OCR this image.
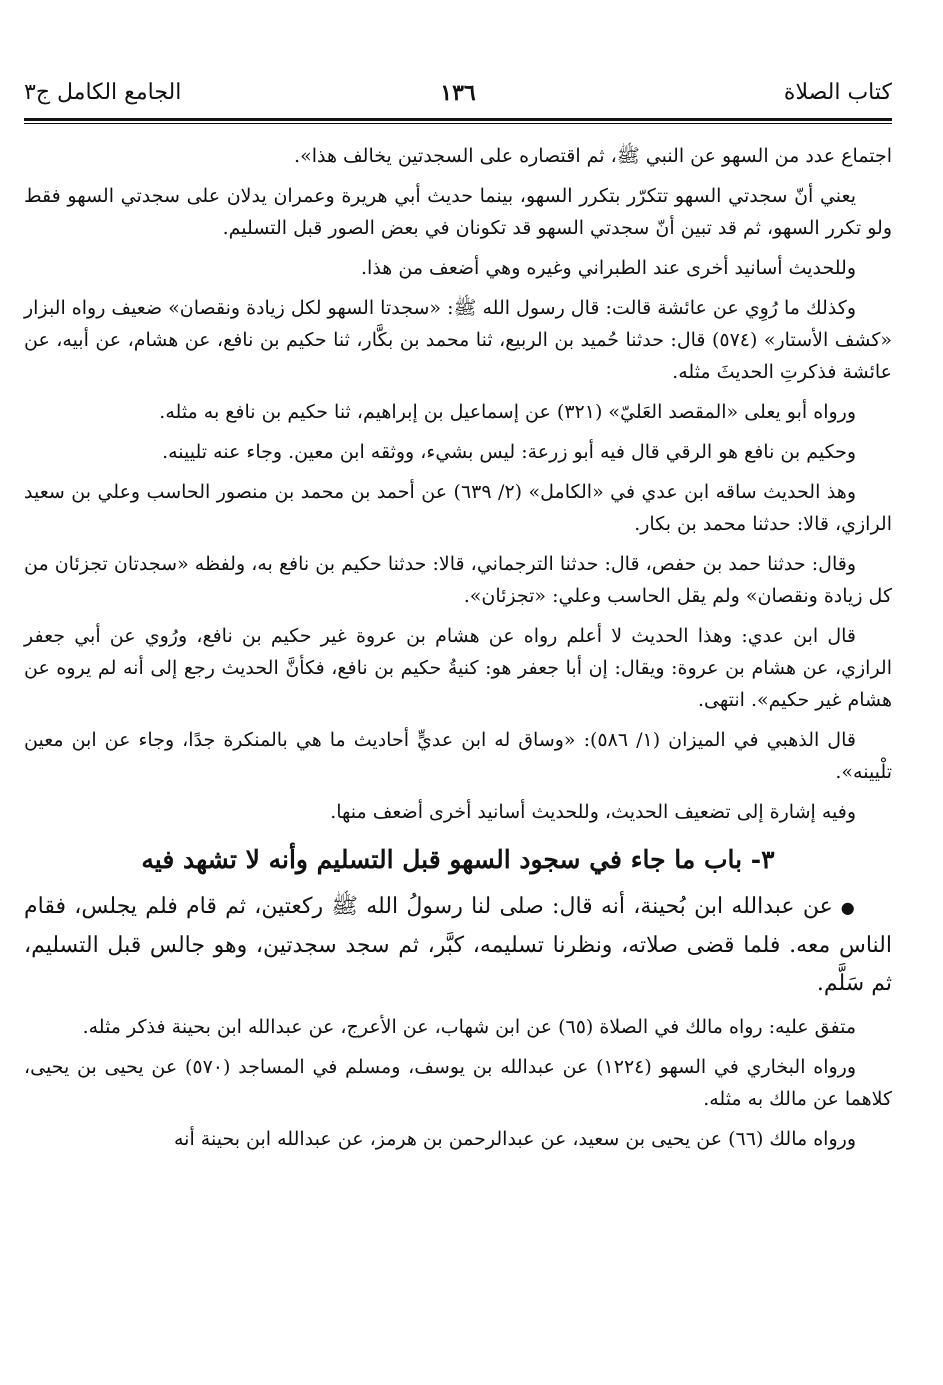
كتاب الصلاة
١٣٦
الجامع الكامل ج٣

اجتماع عدد من السهو عن النبي ﷺ، ثم اقتصاره على السجدتين يخالف هذا».

يعني أنّ سجدتي السهو تتكرّر بتكرر السهو، بينما حديث أبي هريرة وعمران يدلان على سجدتي السهو فقط ولو تكرر السهو، ثم قد تبين أنّ سجدتي السهو قد تكونان في بعض الصور قبل التسليم.

وللحديث أسانيد أخرى عند الطبراني وغيره وهي أضعف من هذا.

وكذلك ما رُوِي عن عائشة قالت: قال رسول الله ﷺ: «سجدتا السهو لكل زيادة ونقصان» ضعيف رواه البزار «كشف الأستار» (٥٧٤) قال: حدثنا حُميد بن الربيع، ثنا محمد بن بكَّار، ثنا حكيم بن نافع، عن هشام، عن أبيه، عن عائشة فذكرتِ الحديثَ مثله.

ورواه أبو يعلى «المقصد العَليّ» (٣٢١) عن إسماعيل بن إبراهيم، ثنا حكيم بن نافع به مثله.

وحكيم بن نافع هو الرقي قال فيه أبو زرعة: ليس بشيء، ووثقه ابن معين. وجاء عنه تليينه.

وهذ الحديث ساقه ابن عدي في «الكامل» (٢/ ٦٣٩) عن أحمد بن محمد بن منصور الحاسب وعلي بن سعيد الرازي، قالا: حدثنا محمد بن بكار.

وقال: حدثنا حمد بن حفص، قال: حدثنا الترجماني، قالا: حدثنا حكيم بن نافع به، ولفظه «سجدتان تجزئان من كل زيادة ونقصان» ولم يقل الحاسب وعلي: «تجزئان».

قال ابن عدي: وهذا الحديث لا أعلم رواه عن هشام بن عروة غير حكيم بن نافع، ورُوي عن أبي جعفر الرازي، عن هشام بن عروة: ويقال: إن أبا جعفر هو: كنيةُ حكيم بن نافع، فكأنَّ الحديث رجع إلى أنه لم يروه عن هشام غير حكيم». انتهى.

قال الذهبي في الميزان (١/ ٥٨٦): «وساق له ابن عديٍّ أحاديث ما هي بالمنكرة جدًا، وجاء عن ابن معين تلْيينه».

وفيه إشارة إلى تضعيف الحديث، وللحديث أسانيد أخرى أضعف منها.

٣- باب ما جاء في سجود السهو قبل التسليم وأنه لا تشهد فيه

●عن عبدالله ابن بُحينة، أنه قال: صلى لنا رسولُ الله ﷺ ركعتين، ثم قام فلم يجلس، فقام الناس معه. فلما قضى صلاته، ونظرنا تسليمه، كبَّر، ثم سجد سجدتين، وهو جالس قبل التسليم، ثم سَلَّم.

متفق عليه: رواه مالك في الصلاة (٦٥) عن ابن شهاب، عن الأعرج، عن عبدالله ابن بحينة فذكر مثله.

ورواه البخاري في السهو (١٢٢٤) عن عبدالله بن يوسف، ومسلم في المساجد (٥٧٠) عن يحيى بن يحيى، كلاهما عن مالك به مثله.

ورواه مالك (٦٦) عن يحيى بن سعيد، عن عبدالرحمن بن هرمز، عن عبدالله ابن بحينة أنه
